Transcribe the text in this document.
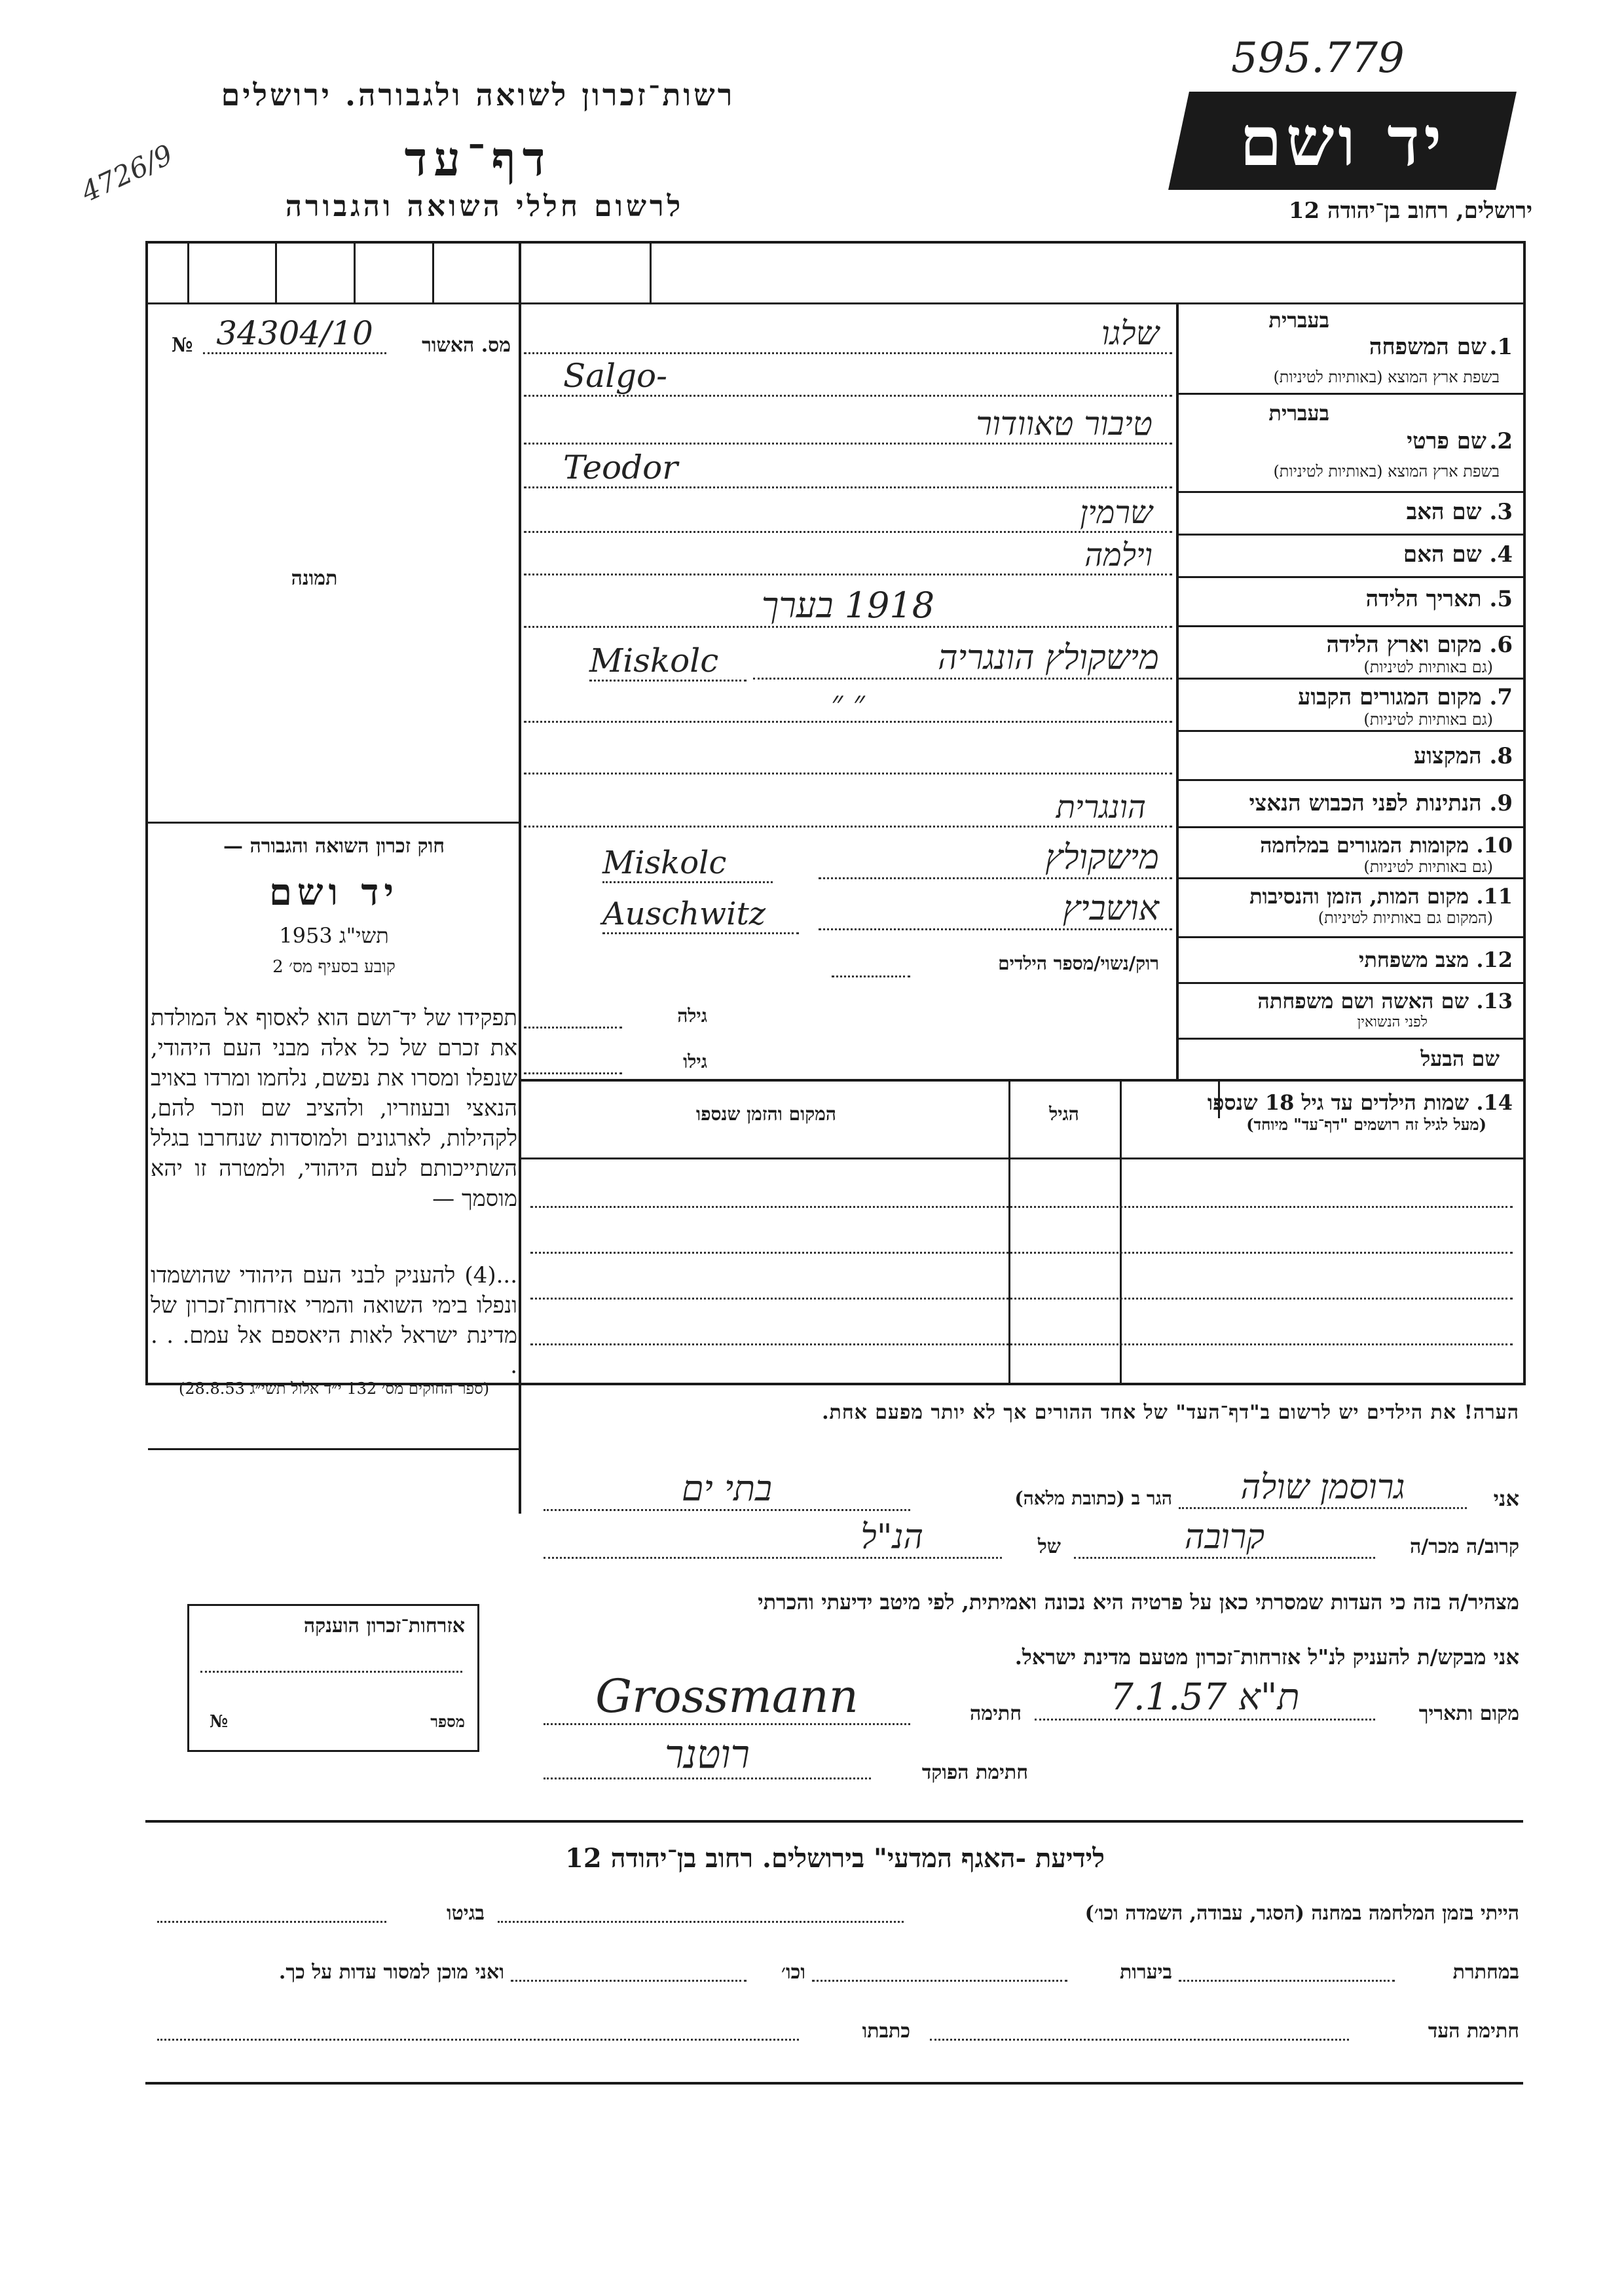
רשות־זכרון לשואה ולגבורה. ירושלים
דף־עד
לרשום חללי השואה והגבורה
4726/9
595.779
יד ושם
ירושלים, רחוב בן־יהודה 12
מס. האשור
№ 34304/10
תמונה
חוק זכרון השואה והגבורה —
יד ושם
תשי"ג 1953
קובע בסעיף מס׳ 2
תפקידו של יד־ושם הוא לאסוף אל המולדת את זכרם של כל אלה מבני העם היהודי, שנפלו ומסרו את נפשם, נלחמו ומרדו באויב הנאצי ובעוזריו, ולהציב שם וזכר להם, לקהילות, לארגונים ולמוסדות שנחרבו בגלל השתייכותם לעם היהודי, ולמטרה זו יהא מוסמך —
...(4) להעניק לבני העם היהודי שהושמדו ונפלו בימי השואה והמרי אזרחות־זכרון של מדינת ישראל לאות היאספם אל עמם. . . .
(ספר החוקים מס׳ 132 י״ד אלול תשי״ג 28.8.53)
בעברית
1.
שם המשפחה
בשפת ארץ המוצא (באותיות לטיניות)
שלגו
Salgo-
בעברית
2.
שם פרטי
בשפת ארץ המוצא (באותיות לטיניות)
טיבור טאוודור
Teodor
3. שם האב
שרמין
4. שם האם
וילמה
5. תאריך הלידה
1918 בערך
6. מקום וארץ הלידה
(גם באותיות לטיניות)
מישקולץ הונגריה
Miskolc
7. מקום המגורים הקבוע
(גם באותיות לטיניות)
״ ״
8. המקצוע
9. הנתינות לפני הכבוש הנאצי
הונגרית
10. מקומות המגורים במלחמה
(גם באותיות לטיניות)
מישקולץ
Miskolc
11. מקום המות, הזמן והנסיבות
(המקום גם באותיות לטיניות)
אושביץ
Auschwitz
רוק/נשוי/מספר הילדים	12. מצב משפחתי
13. שם האשה ושם משפחתה
לפני הנשואין
גילה
שם הבעל
גילו
14. שמות הילדים עד גיל 18 שנספו
(מעל לגיל זה רושמים "דף־עד" מיוחד)
הגיל
המקום והזמן שנספו
הערה! את הילדים יש לרשום ב"דף־העד" של אחד ההורים אך לא יותר מפעם אחת.
אני
גרוסמן שולה
הגר ב (כתובת מלאה)
בתי ים
קרוב/ה מכר/ה
קרובה
של
הנ"ל
מצהיר/ה בזה כי העדות שמסרתי כאן על פרטיה היא נכונה ואמיתית, לפי מיטב ידיעתי והכרתי
אני מבקש/ת להעניק לנ"ל אזרחות־זכרון מטעם מדינת ישראל.
מקום ותאריך
ת"א 7.1.57
חתימה
Grossmann
חתימת הפוקד
רוטנר
אזרחות־זכרון הוענקה
מספר
№
לידיעת -האגף המדעי" בירושלים. רחוב בן־יהודה 12
הייתי בזמן המלחמה במחנה (הסגר, עבודה, השמדה וכו׳)
בגיטו
במחתרת
ביערות
וכו׳
ואני מוכן למסור עדות על כך.
חתימת העד
כתבתו
